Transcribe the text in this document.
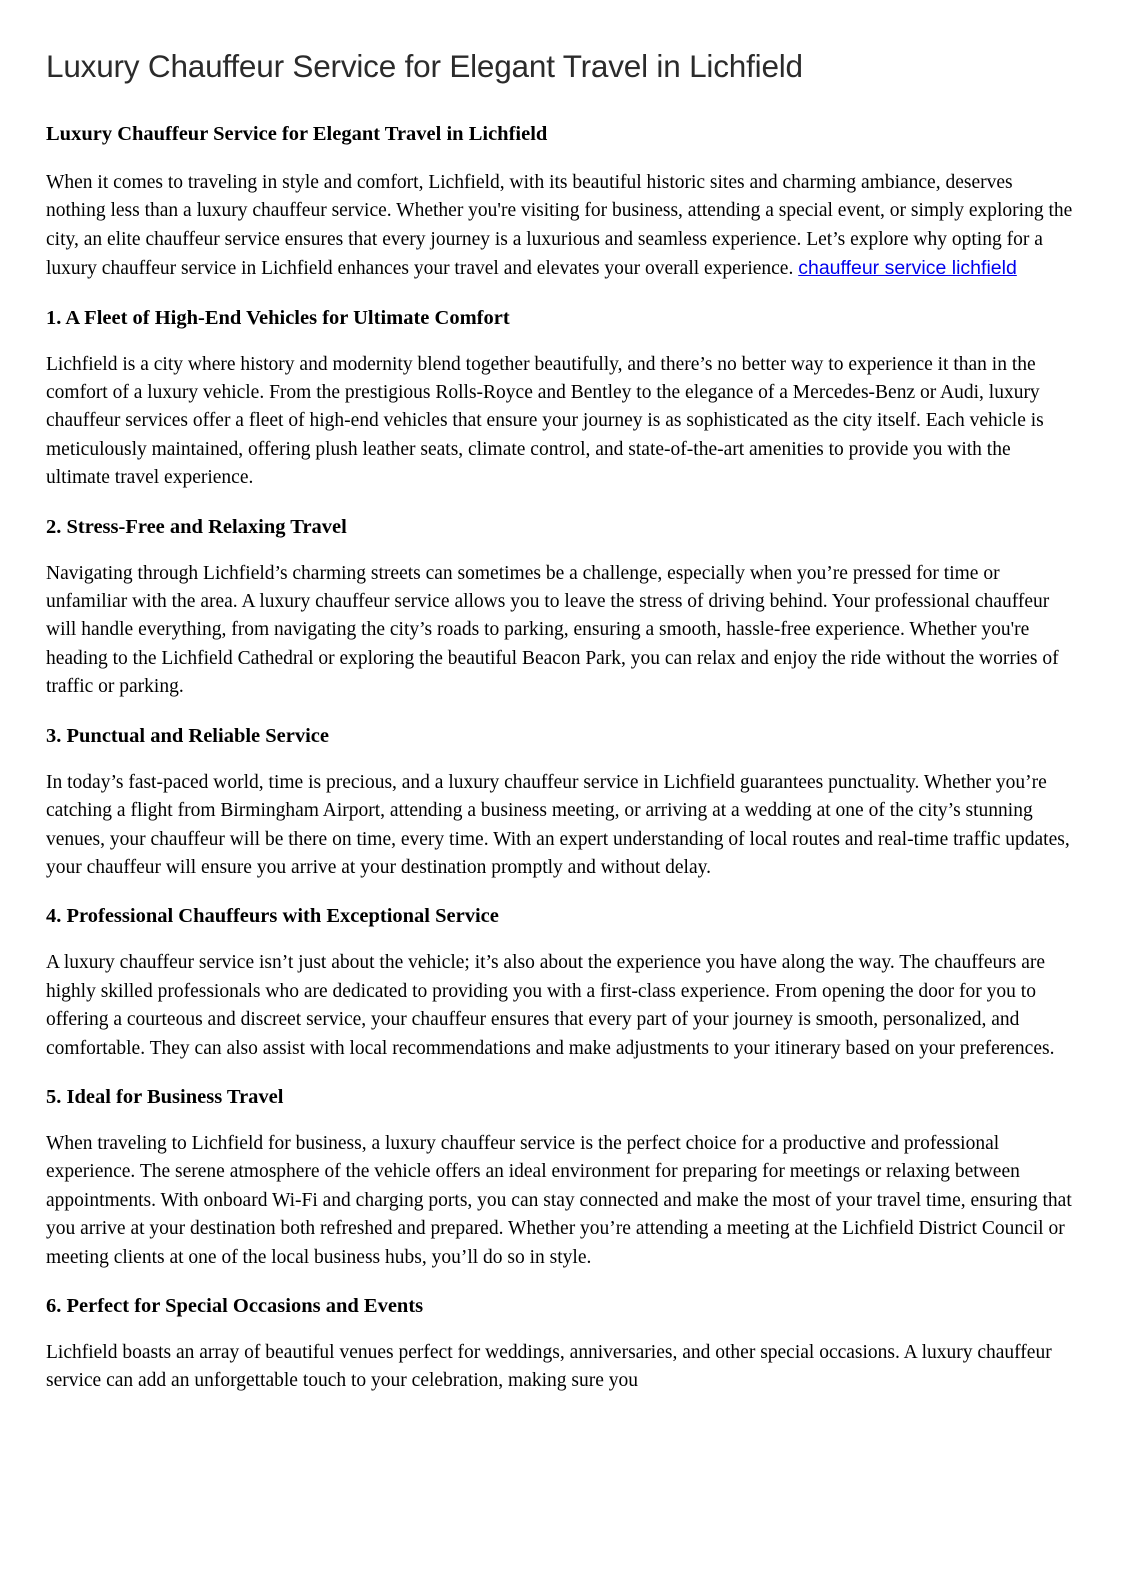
Luxury Chauffeur Service for Elegant Travel in Lichfield
Luxury Chauffeur Service for Elegant Travel in Lichfield

When it comes to traveling in style and comfort, Lichfield, with its beautiful historic sites and charming ambiance, deserves nothing less than a luxury chauffeur service. Whether you're visiting for business, attending a special event, or simply exploring the city, an elite chauffeur service ensures that every journey is a luxurious and seamless experience. Let’s explore why opting for a luxury chauffeur service in Lichfield enhances your travel and elevates your overall experience. chauffeur service lichfield

1. A Fleet of High-End Vehicles for Ultimate Comfort

Lichfield is a city where history and modernity blend together beautifully, and there’s no better way to experience it than in the comfort of a luxury vehicle. From the prestigious Rolls-Royce and Bentley to the elegance of a Mercedes-Benz or Audi, luxury chauffeur services offer a fleet of high-end vehicles that ensure your journey is as sophisticated as the city itself. Each vehicle is meticulously maintained, offering plush leather seats, climate control, and state-of-the-art amenities to provide you with the ultimate travel experience.

2. Stress-Free and Relaxing Travel

Navigating through Lichfield’s charming streets can sometimes be a challenge, especially when you’re pressed for time or unfamiliar with the area. A luxury chauffeur service allows you to leave the stress of driving behind. Your professional chauffeur will handle everything, from navigating the city’s roads to parking, ensuring a smooth, hassle-free experience. Whether you're heading to the Lichfield Cathedral or exploring the beautiful Beacon Park, you can relax and enjoy the ride without the worries of traffic or parking.

3. Punctual and Reliable Service

In today’s fast-paced world, time is precious, and a luxury chauffeur service in Lichfield guarantees punctuality. Whether you’re catching a flight from Birmingham Airport, attending a business meeting, or arriving at a wedding at one of the city’s stunning venues, your chauffeur will be there on time, every time. With an expert understanding of local routes and real-time traffic updates, your chauffeur will ensure you arrive at your destination promptly and without delay.

4. Professional Chauffeurs with Exceptional Service

A luxury chauffeur service isn’t just about the vehicle; it’s also about the experience you have along the way. The chauffeurs are highly skilled professionals who are dedicated to providing you with a first-class experience. From opening the door for you to offering a courteous and discreet service, your chauffeur ensures that every part of your journey is smooth, personalized, and comfortable. They can also assist with local recommendations and make adjustments to your itinerary based on your preferences.

5. Ideal for Business Travel

When traveling to Lichfield for business, a luxury chauffeur service is the perfect choice for a productive and professional experience. The serene atmosphere of the vehicle offers an ideal environment for preparing for meetings or relaxing between appointments. With onboard Wi-Fi and charging ports, you can stay connected and make the most of your travel time, ensuring that you arrive at your destination both refreshed and prepared. Whether you’re attending a meeting at the Lichfield District Council or meeting clients at one of the local business hubs, you’ll do so in style.

6. Perfect for Special Occasions and Events

Lichfield boasts an array of beautiful venues perfect for weddings, anniversaries, and other special occasions. A luxury chauffeur service can add an unforgettable touch to your celebration, making sure you
